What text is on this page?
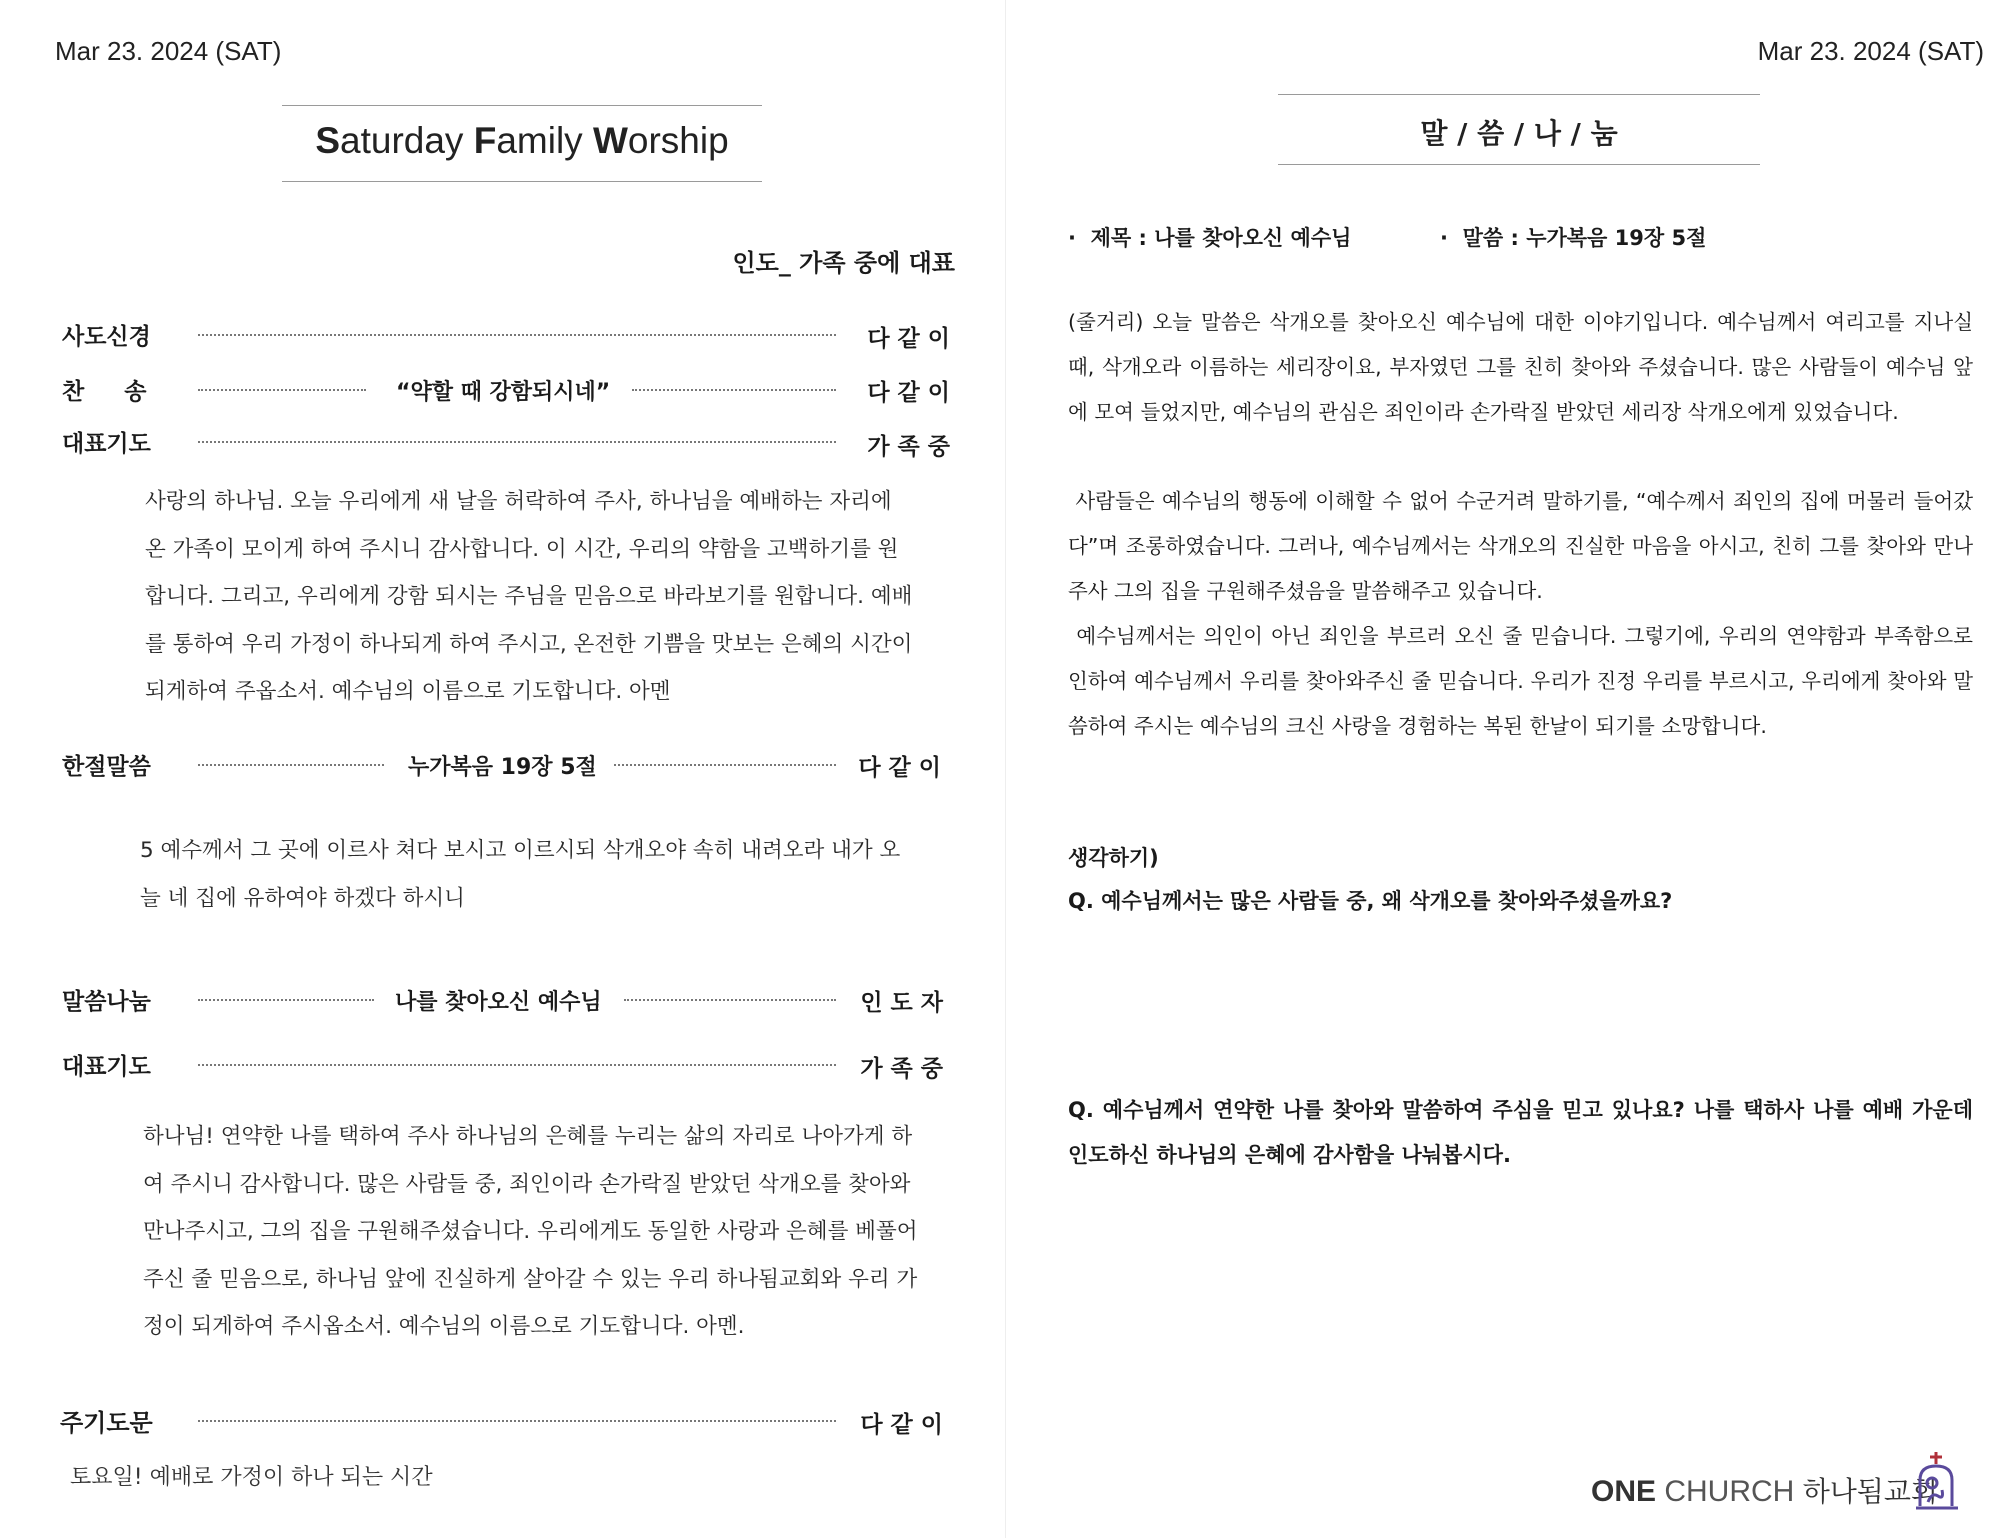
Mar 23. 2024 (SAT)
Saturday Family Worship
인도_ 가족 중에 대표
사도신경	다 같 이
찬     송	“약할 때 강함되시네”	다 같 이
대표기도	가 족 중
사랑의 하나님. 오늘 우리에게 새 날을 허락하여 주사, 하나님을 예배하는 자리에 온 가족이 모이게 하여 주시니 감사합니다. 이 시간, 우리의 약함을 고백하기를 원합니다. 그리고, 우리에게 강함 되시는 주님을 믿음으로 바라보기를 원합니다. 예배를 통하여 우리 가정이 하나되게 하여 주시고, 온전한 기쁨을 맛보는 은혜의 시간이 되게하여 주옵소서. 예수님의 이름으로 기도합니다. 아멘
한절말씀	누가복음 19장 5절	다 같 이
5 예수께서 그 곳에 이르사 쳐다 보시고 이르시되 삭개오야 속히 내려오라 내가 오늘 네 집에 유하여야 하겠다 하시니
말씀나눔	나를 찾아오신 예수님	인 도 자
대표기도	가 족 중
하나님! 연약한 나를 택하여 주사 하나님의 은혜를 누리는 삶의 자리로 나아가게 하여 주시니 감사합니다. 많은 사람들 중, 죄인이라 손가락질 받았던 삭개오를 찾아와 만나주시고, 그의 집을 구원해주셨습니다. 우리에게도 동일한 사랑과 은혜를 베풀어 주신 줄 믿음으로, 하나님 앞에 진실하게 살아갈 수 있는 우리 하나됨교회와 우리 가정이 되게하여 주시옵소서. 예수님의 이름으로 기도합니다. 아멘.
주기도문	다 같 이
토요일! 예배로 가정이 하나 되는 시간
Mar 23. 2024 (SAT)
말 / 씀 / 나 / 눔
·  제목 : 나를 찾아오신 예수님	·  말씀 : 누가복음 19장 5절
(줄거리) 오늘 말씀은 삭개오를 찾아오신 예수님에 대한 이야기입니다. 예수님께서 여리고를 지나실 때, 삭개오라 이름하는 세리장이요, 부자였던 그를 친히 찾아와 주셨습니다. 많은 사람들이 예수님 앞에 모여 들었지만, 예수님의 관심은 죄인이라 손가락질 받았던 세리장 삭개오에게 있었습니다.
사람들은 예수님의 행동에 이해할 수 없어 수군거려 말하기를, “예수께서 죄인의 집에 머물러 들어갔다”며 조롱하였습니다. 그러나, 예수님께서는 삭개오의 진실한 마음을 아시고, 친히 그를 찾아와 만나주사 그의 집을 구원해주셨음을 말씀해주고 있습니다.
예수님께서는 의인이 아닌 죄인을 부르러 오신 줄 믿습니다. 그렇기에, 우리의 연약함과 부족함으로 인하여 예수님께서 우리를 찾아와주신 줄 믿습니다. 우리가 진정 우리를 부르시고, 우리에게 찾아와 말씀하여 주시는 예수님의 크신 사랑을 경험하는 복된 한날이 되기를 소망합니다.
생각하기)
Q. 예수님께서는 많은 사람들 중, 왜 삭개오를 찾아와주셨을까요?
Q. 예수님께서 연약한 나를 찾아와 말씀하여 주심을 믿고 있나요? 나를 택하사 나를 예배 가운데 인도하신 하나님의 은혜에 감사함을 나눠봅시다.
ONE CHURCH 하나됨교회
